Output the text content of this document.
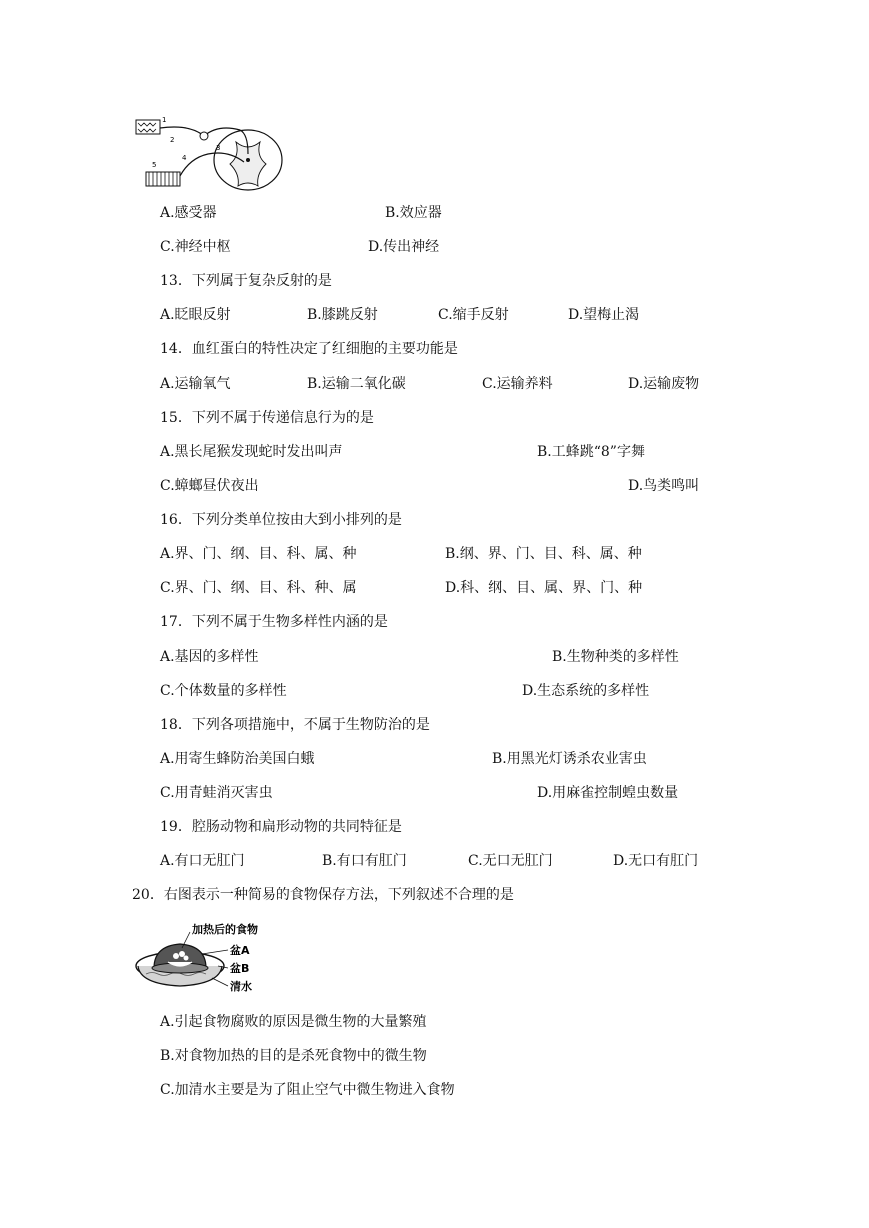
1
2
3
4
5
A.感受器	B.效应器
C.神经中枢	D.传出神经
13．下列属于复杂反射的是
A.眨眼反射	B.膝跳反射	C.缩手反射	D.望梅止渴
14．血红蛋白的特性决定了红细胞的主要功能是
A.运输氧气	B.运输二氧化碳	C.运输养料	D.运输废物
15．下列不属于传递信息行为的是
A.黑长尾猴发现蛇时发出叫声	B.工蜂跳“8”字舞
C.蟑螂昼伏夜出	D.鸟类鸣叫
16．下列分类单位按由大到小排列的是
A.界、门、纲、目、科、属、种	B.纲、界、门、目、科、属、种
C.界、门、纲、目、科、种、属	D.科、纲、目、属、界、门、种
17．下列不属于生物多样性内涵的是
A.基因的多样性	B.生物种类的多样性
C.个体数量的多样性	D.生态系统的多样性
18．下列各项措施中，不属于生物防治的是
A.用寄生蜂防治美国白蛾	B.用黑光灯诱杀农业害虫
C.用青蛙消灭害虫	D.用麻雀控制蝗虫数量
19．腔肠动物和扁形动物的共同特征是
A.有口无肛门	B.有口有肛门	C.无口无肛门	D.无口有肛门
20．右图表示一种简易的食物保存方法，下列叙述不合理的是
加热后的食物
盆A
盆B
清水
A.引起食物腐败的原因是微生物的大量繁殖
B.对食物加热的目的是杀死食物中的微生物
C.加清水主要是为了阻止空气中微生物进入食物
